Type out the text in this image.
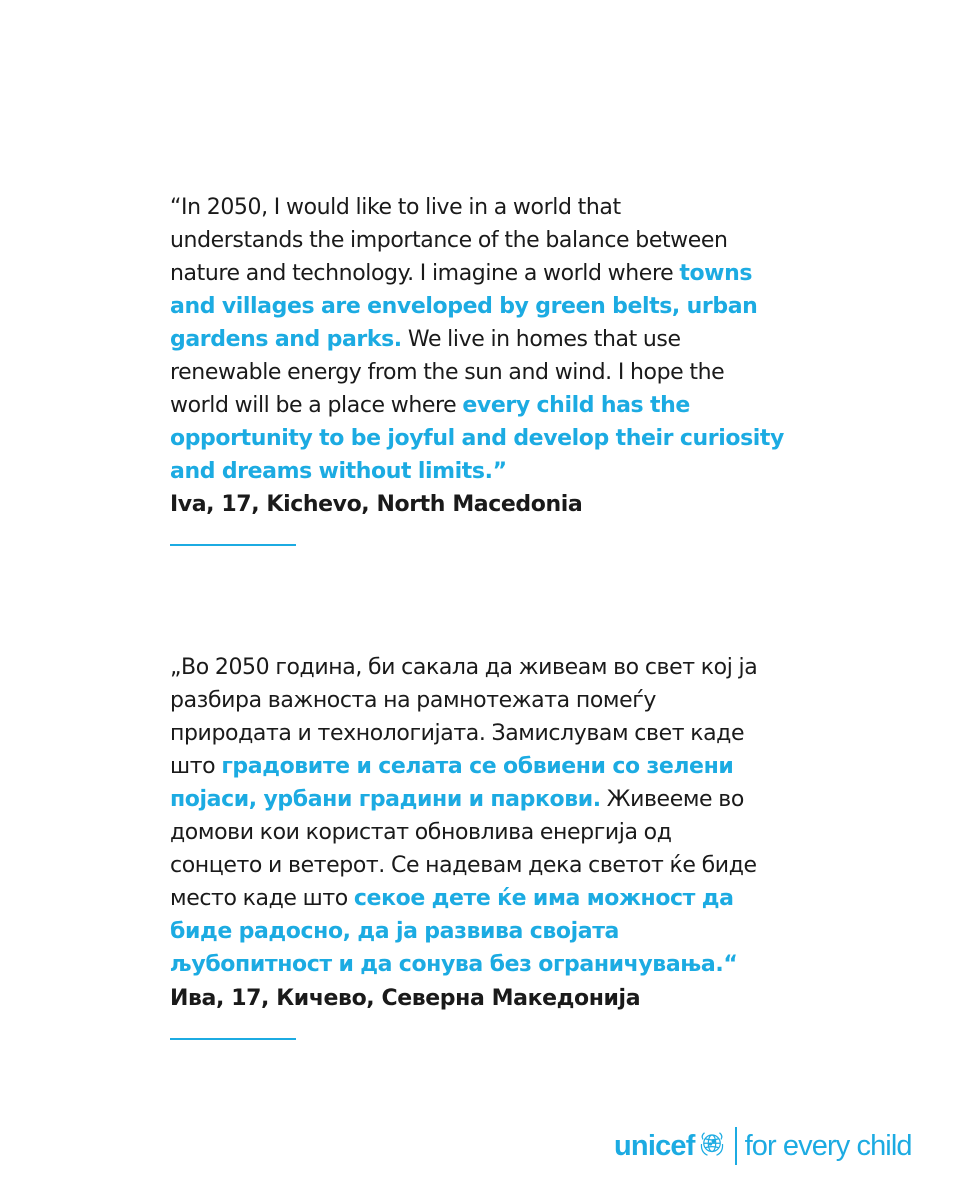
“In 2050, I would like to live in a world that
understands the importance of the balance between
nature and technology. I imagine a world where towns
and villages are enveloped by green belts, urban
gardens and parks. We live in homes that use
renewable energy from the sun and wind. I hope the
world will be a place where every child has the
opportunity to be joyful and develop their curiosity
and dreams without limits.”

Iva, 17, Kichevo, North Macedonia

„Во 2050 година, би сакала да живеам во свет кој ја
разбира важноста на рамнотежата помеѓу
природата и технологијата. Замислувам свет каде
што градовите и селата се обвиени со зелени
појаси, урбани градини и паркови. Живееме во
домови кои користат обновлива енергија од
сонцето и ветерот. Се надевам дека светот ќе биде
место каде што секое дете ќе има можност да
биде радосно, да ја развива својата
љубопитност и да сонува без ограничувања.“

Ива, 17, Кичево, Северна Македонија

unicef for every child
